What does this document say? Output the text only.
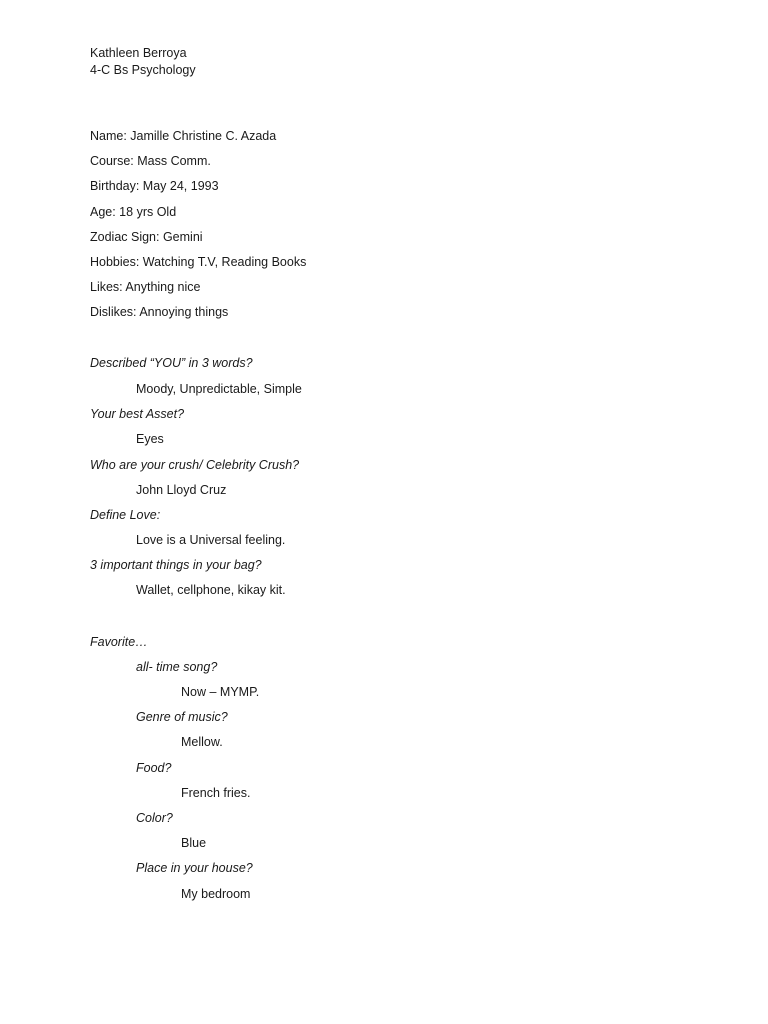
Kathleen Berroya
4-C Bs Psychology
Name: Jamille Christine C. Azada
Course: Mass Comm.
Birthday: May 24, 1993
Age: 18 yrs Old
Zodiac Sign: Gemini
Hobbies: Watching T.V, Reading Books
Likes: Anything nice
Dislikes: Annoying things
Described “YOU” in 3 words?
Moody, Unpredictable, Simple
Your best Asset?
Eyes
Who are your crush/ Celebrity Crush?
John Lloyd Cruz
Define Love:
Love is a Universal feeling.
3 important things in your bag?
Wallet, cellphone, kikay kit.
Favorite…
all- time song?
Now – MYMP.
Genre of music?
Mellow.
Food?
French fries.
Color?
Blue
Place in your house?
My bedroom
